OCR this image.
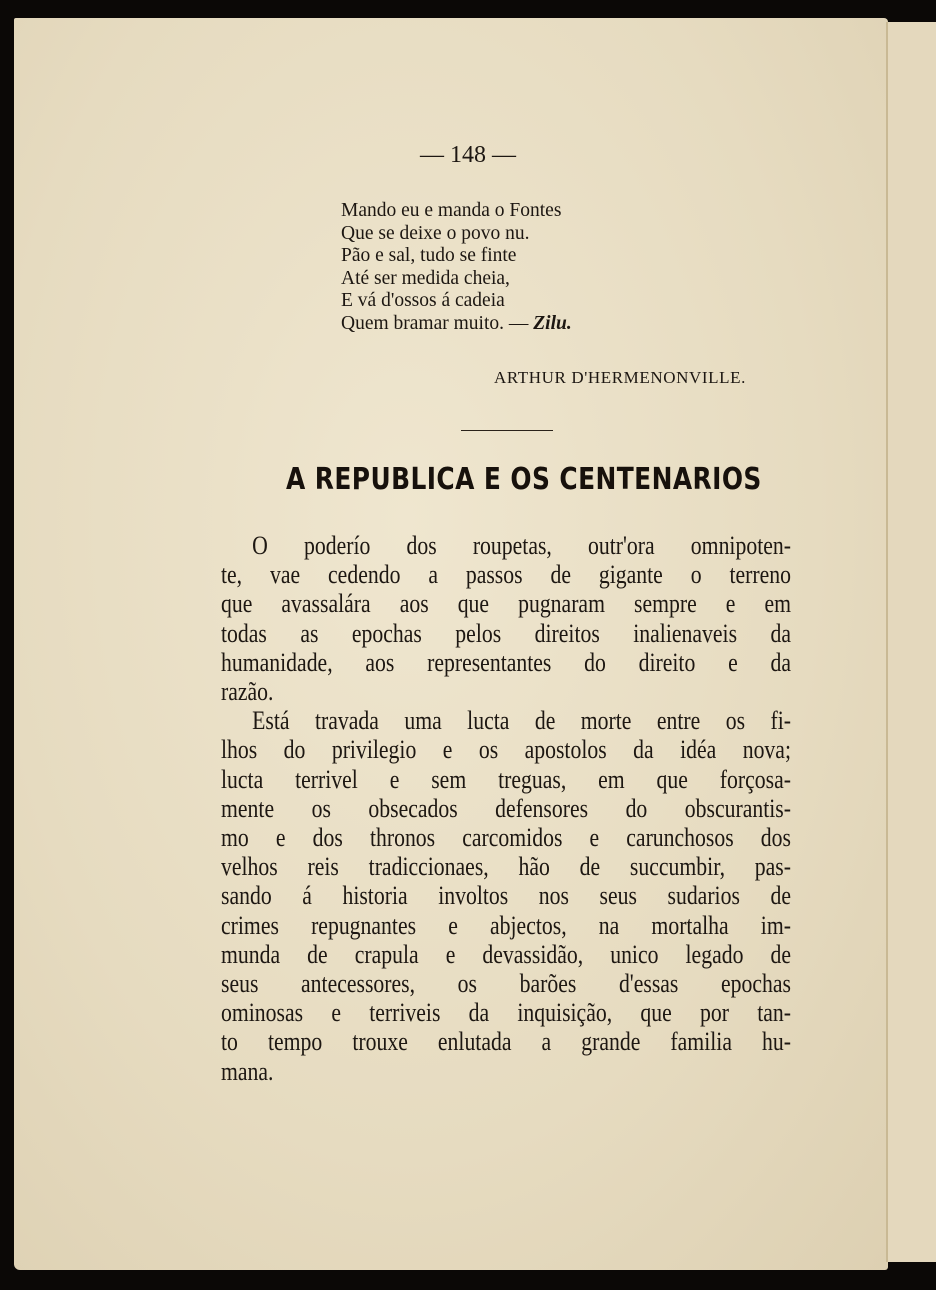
— 148 —
Mando eu e manda o Fontes
Que se deixe o povo nu.
Pão e sal, tudo se finte
Até ser medida cheia,
E vá d'ossos á cadeia
Quem bramar muito. — Zilu.
ARTHUR D'HERMENONVILLE.
A REPUBLICA E OS CENTENARIOS
O poderío dos roupetas, outr'ora omnipoten-
te, vae cedendo a passos de gigante o terreno
que avassalára aos que pugnaram sempre e em
todas as epochas pelos direitos inalienaveis da
humanidade, aos representantes do direito e da
razão.
Está travada uma lucta de morte entre os fi-
lhos do privilegio e os apostolos da idéa nova;
lucta terrivel e sem treguas, em que forçosa-
mente os obsecados defensores do obscurantis-
mo e dos thronos carcomidos e carunchosos dos
velhos reis tradiccionaes, hão de succumbir, pas-
sando á historia involtos nos seus sudarios de
crimes repugnantes e abjectos, na mortalha im-
munda de crapula e devassidão, unico legado de
seus antecessores, os barões d'essas epochas
ominosas e terriveis da inquisição, que por tan-
to tempo trouxe enlutada a grande familia hu-
mana.
